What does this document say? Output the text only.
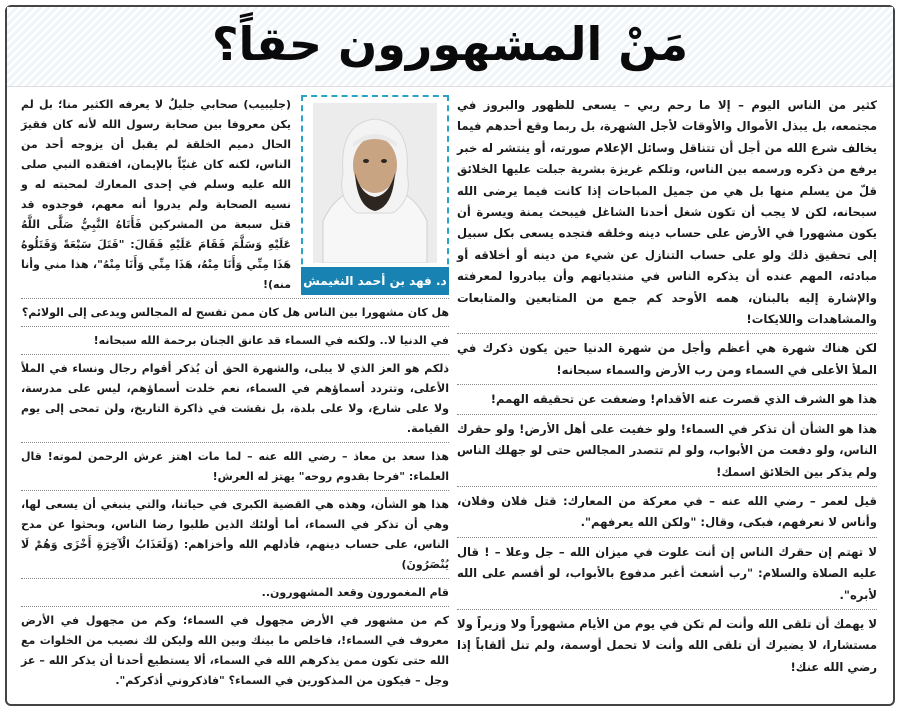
مَنْ المشهورون حقاً؟

كثير من الناس اليوم – إلا ما رحم ربي – يسعى للظهور والبروز في مجتمعه، بل يبذل الأموال والأوقات لأجل الشهرة، بل ربما وقع أحدهم فيما يخالف شرع الله من أجل أن تتناقل وسائل الإعلام صورته، أو ينتشر له خبر يرفع من ذكره ورسمه بين الناس، وتلكم غريزة بشرية جبلت عليها الخلائق قلّ من يسلم منها بل هي من جميل المباحات إذا كانت فيما يرضى الله سبحانه، لكن لا يجب أن تكون شغل أحدنا الشاغل فيبحث يمنة ويسرة أن يكون مشهورا في الأرض على حساب دينه وخلقه فتجده يسعى بكل سبيل إلى تحقيق ذلك ولو على حساب التنازل عن شيء من دينه أو أخلاقه أو مبادئه، المهم عنده أن يذكره الناس في منتدياتهم وأن يبادروا لمعرفته والإشارة إليه بالبنان، همه الأوحد كم جمع من المتابعين والمتابعات والمشاهدات واللايكات!

لكن هناك شهرة هي أعظم وأجل من شهرة الدنيا حين يكون ذكرك في الملأ الأعلى في السماء ومن رب الأرض والسماء سبحانه!

هذا هو الشرف الذي قصرت عنه الأقدام! وضعفت عن تحقيقه الهمم!

هذا هو الشأن أن تذكر في السماء! ولو خفيت على أهل الأرض! ولو حقرك الناس، ولو دفعت من الأبواب، ولو لم تتصدر المجالس حتى لو جهلك الناس ولم يذكر بين الخلائق اسمك!

قيل لعمر – رضي الله عنه – في معركة من المعارك: قتل فلان وفلان، وأناس لا نعرفهم، فبكى، وقال: "ولكن الله يعرفهم".

لا تهتم إن حقرك الناس إن أنت علوت في ميزان الله – جل وعلا – ! قال عليه الصلاة والسلام: "رب أشعث أغبر مدفوع بالأبواب، لو أقسم على الله لأبره".

لا يهمك أن تلقى الله وأنت لم تكن في يوم من الأيام مشهوراً ولا وزيراً ولا مستشارا، لا يضيرك أن تلقى الله وأنت لا تحمل أوسمة، ولم تنل ألقاباً إذا رضي الله عنك!

د. فهد بن أحمد النغيمش

(جليبيب) صحابي جليلٌ لا يعرفه الكثير منا؛ بل لم يكن معروفا بين صحابة رسول الله لأنه كان فقيرَ الحال دميم الخلقة لم يقبل أن يزوجه أحد من الناس، لكنه كان غنيّاً بالإيمان، افتقده النبي صلى الله عليه وسلم في إحدى المعارك لمحبته له و نسيه الصحابة ولم يدروا أنه معهم، فوجدوه قد قتل سبعة من المشركين فَأَتَاهُ النَّبِيُّ صَلَّى اللَّهُ عَلَيْهِ وَسَلَّمَ فَقَامَ عَلَيْهِ فَقَالَ: "قَتَلَ سَبْعَةً وَقَتَلُوهُ هَذَا مِنِّي وَأَنَا مِنْهُ، هَذَا مِنِّي وَأَنَا مِنْهُ"، هذا مني وأنا منه)!

هل كان مشهورا بين الناس هل كان ممن تفسح له المجالس ويدعى إلى الولائم؟

في الدنيا لا.. ولكنه في السماء قد عانق الجنان برحمة الله سبحانه!

ذلكم هو العز الذي لا يبلى، والشهرة الحق أن يُذكر أقوام رجال ونساء في الملأ الأعلى، وتتردد أسماؤهم في السماء، نعم خلدت أسماؤهم، ليس على مدرسة، ولا على شارع، ولا على بلدة، بل نقشت في ذاكرة التاريخ، ولن تمحى إلى يوم القيامة.

هذا سعد بن معاذ – رضي الله عنه – لما مات اهتز عرش الرحمن لموته! قال العلماء: "فرحا بقدوم روحه" يهتز له العرش!

هذا هو الشأن، وهذه هي القضية الكبرى في حياتنا، والتي ينبغي أن يسعى لها، وهي أن تذكر في السماء، أما أولئك الذين طلبوا رضا الناس، وبحثوا عن مدح الناس، على حساب دينهم، فأذلهم الله وأخزاهم: (وَلَعَذَابُ الْآخِرَةِ أَخْزَى وَهُمْ لَا يُنْصَرُونَ)

قام المغمورون وقعد المشهورون..

كم من مشهور في الأرض مجهول في السماء؛ وكم من مجهول في الأرض معروف في السماء!، فاخلص ما بينك وبين الله وليكن لك نصيب من الخلوات مع الله حتى تكون ممن يذكرهم الله في السماء، ألا يستطيع أحدنا أن يذكر الله – عز وجل – فيكون من المذكورين في السماء؟ "فاذكروني أذكركم".
